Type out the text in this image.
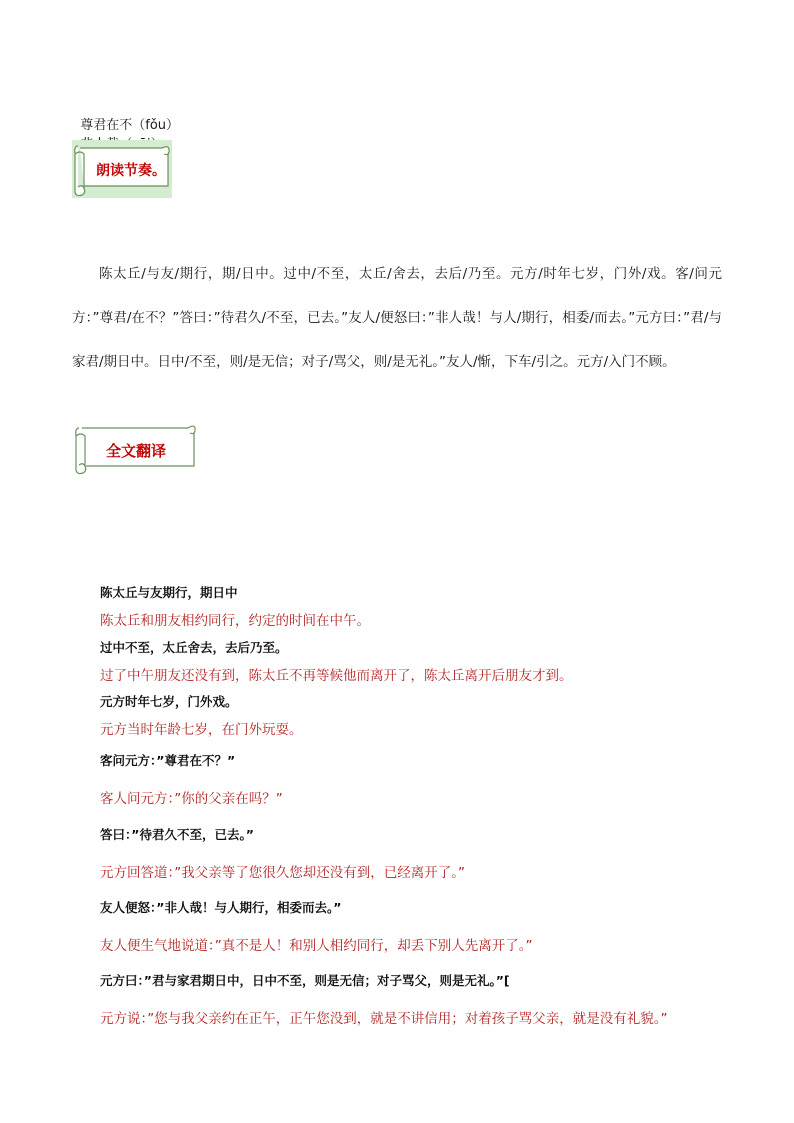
尊君在不（fǒu）

朗读节奏。
陈太丘/与友/期行，期/日中。过中/不至，太丘/舍去，去后/乃至。元方/时年七岁，门外/戏。客/问元方：”尊君/在不？”答曰：”待君久/不至，已去。”友人/便怒曰：”非人哉！与人/期行，相委/而去。”元方曰：”君/与家君/期日中。日中/不至，则/是无信；对子/骂父，则/是无礼。”友人/惭，下车/引之。元方/入门不顾。
全文翻译
陈太丘与友期行，期日中
陈太丘和朋友相约同行，约定的时间在中午。
过中不至，太丘舍去，去后乃至。
过了中午朋友还没有到，陈太丘不再等候他而离开了，陈太丘离开后朋友才到。
元方时年七岁，门外戏。
元方当时年龄七岁，在门外玩耍。
客问元方：”尊君在不？”
客人问元方：”你的父亲在吗？”
答曰：”待君久不至，已去。”
元方回答道：”我父亲等了您很久您却还没有到，已经离开了。”
友人便怒：”非人哉！与人期行，相委而去。”
友人便生气地说道：”真不是人！和别人相约同行，却丢下别人先离开了。”
元方曰：”君与家君期日中，日中不至，则是无信；对子骂父，则是无礼。”[
元方说：”您与我父亲约在正午，正午您没到，就是不讲信用；对着孩子骂父亲，就是没有礼貌。”
